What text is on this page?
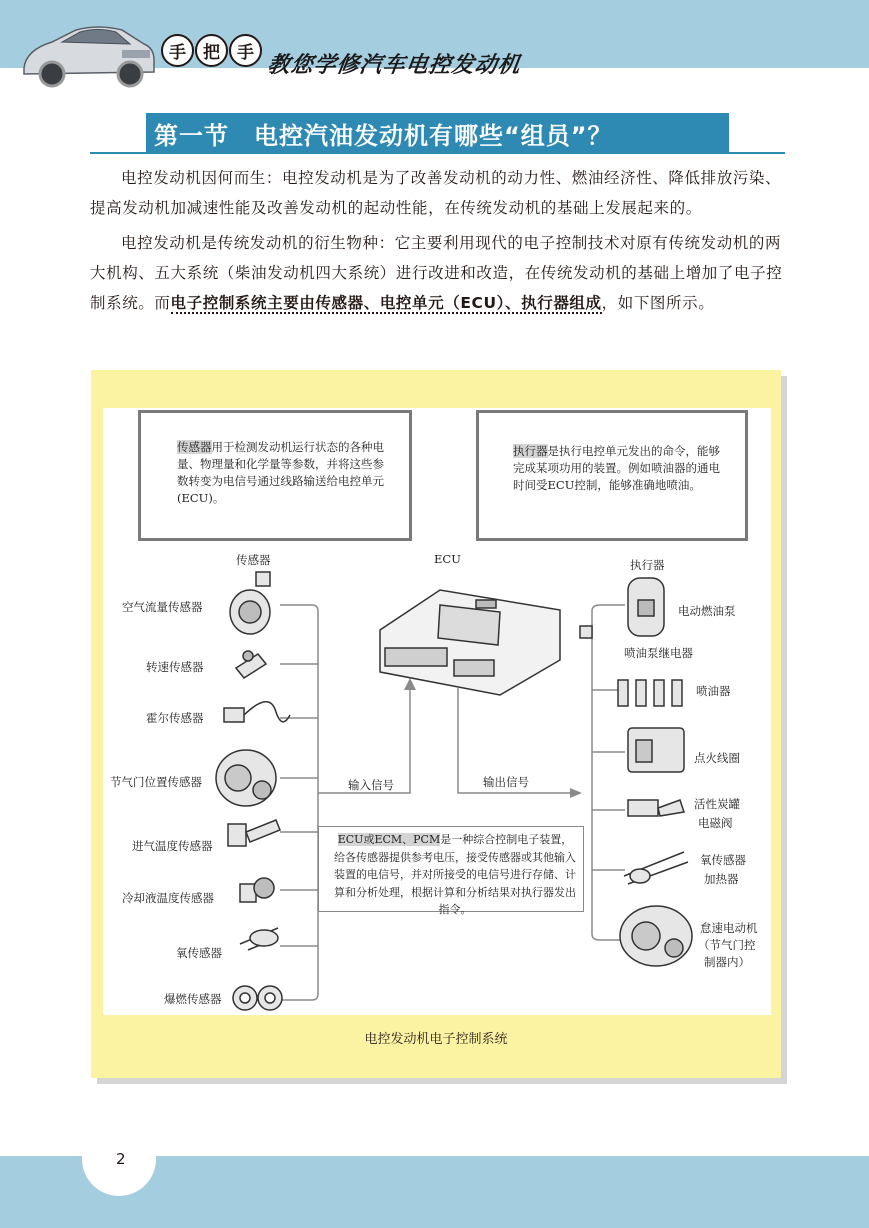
手	把	手 教您学修汽车电控发动机
第一节　电控汽油发动机有哪些“组员”？

电控发动机因何而生：电控发动机是为了改善发动机的动力性、燃油经济性、降低排放污染、提高发动机加减速性能及改善发动机的起动性能，在传统发动机的基础上发展起来的。

电控发动机是传统发动机的衍生物种：它主要利用现代的电子控制技术对原有传统发动机的两大机构、五大系统（柴油发动机四大系统）进行改进和改造，在传统发动机的基础上增加了电子控制系统。而电子控制系统主要由传感器、电控单元（ECU）、执行器组成，如下图所示。

电控发动机电子控制系统
传感器用于检测发动机运行状态的各种电量、物理量和化学量等参数，并将这些参数转变为电信号通过线路输送给电控单元(ECU)。
执行器是执行电控单元发出的命令，能够完成某项功用的装置。例如喷油器的通电时间受ECU控制，能够准确地喷油。
传感器	ECU	执行器
输入信号	输出信号
空气流量传感器
转速传感器
霍尔传感器
节气门位置传感器
进气温度传感器
冷却液温度传感器
氧传感器
爆燃传感器
电动燃油泵
喷油泵继电器
喷油器
点火线圈
活性炭罐
电磁阀
氧传感器
加热器
怠速电动机
（节气门控
制器内）
ECU或ECM、PCM是一种综合控制电子装置，给各传感器提供参考电压，接受传感器或其他输入装置的电信号，并对所接受的电信号进行存储、计算和分析处理，根据计算和分析结果对执行器发出指令。
2
